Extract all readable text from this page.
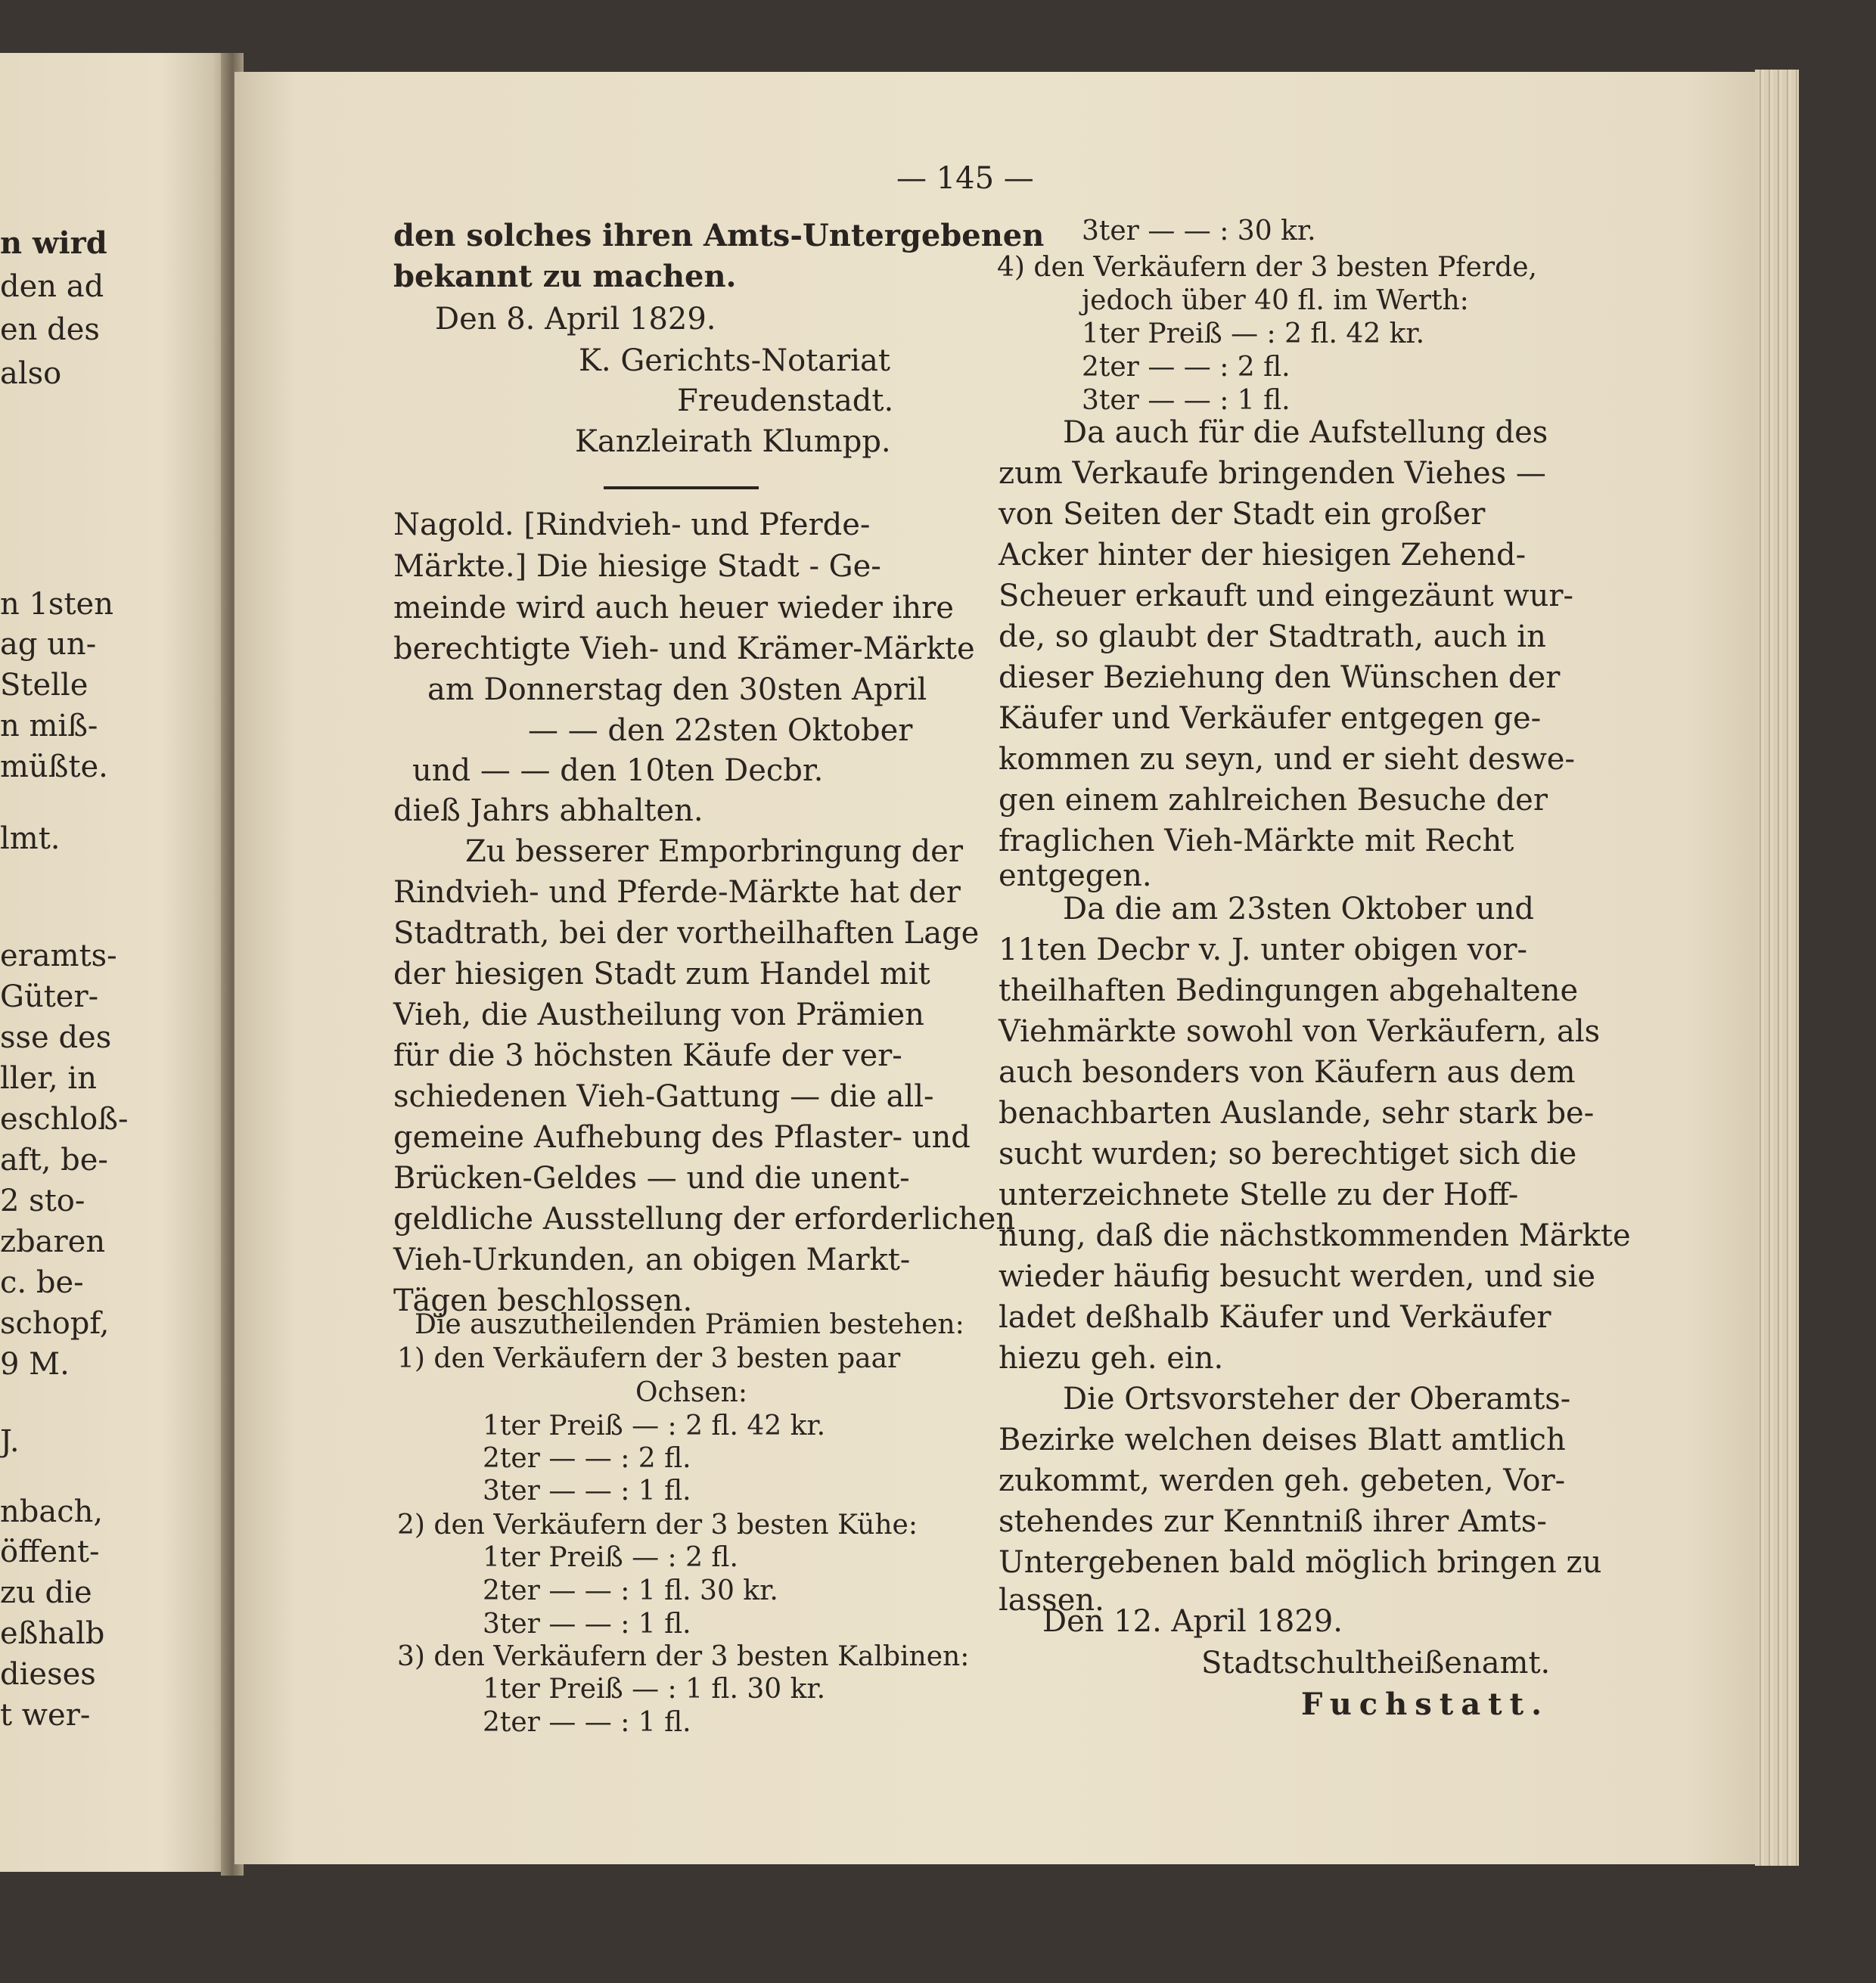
n wird
den ad
en des
also
n 1sten
ag un-
Stelle
n miß-
müßte.
lmt.
eramts-
Güter-
sse des
ller, in
eschloß-
aft, be-
2 sto-
zbaren
c. be-
schopf,
9 M.
J.
nbach,
öffent-
zu die
eßhalb
dieses
t wer-
— 145 —
den solches ihren Amts-Untergebenen
bekannt zu machen.
Den 8. April 1829.
K. Gerichts-Notariat
Freudenstadt.
Kanzleirath Klumpp.
Nagold. [Rindvieh- und Pferde-
Märkte.] Die hiesige Stadt - Ge-
meinde wird auch heuer wieder ihre
berechtigte Vieh- und Krämer-Märkte
am Donnerstag den 30sten April
— — den 22sten Oktober
und — — den 10ten Decbr.
dieß Jahrs abhalten.
Zu besserer Emporbringung der
Rindvieh- und Pferde-Märkte hat der
Stadtrath, bei der vortheilhaften Lage
der hiesigen Stadt zum Handel mit
Vieh, die Austheilung von Prämien
für die 3 höchsten Käufe der ver-
schiedenen Vieh-Gattung — die all-
gemeine Aufhebung des Pflaster- und
Brücken-Geldes — und die unent-
geldliche Ausstellung der erforderlichen
Vieh-Urkunden, an obigen Markt-
Tägen beschlossen.
Die auszutheilenden Prämien bestehen:
1) den Verkäufern der 3 besten paar
Ochsen:
1ter Preiß — : 2 fl. 42 kr.
2ter — — : 2 fl.
3ter — — : 1 fl.
2) den Verkäufern der 3 besten Kühe:
1ter Preiß — : 2 fl.
2ter — — : 1 fl. 30 kr.
3ter — — : 1 fl.
3) den Verkäufern der 3 besten Kalbinen:
1ter Preiß — : 1 fl. 30 kr.
2ter — — : 1 fl.
3ter — — : 30 kr.
4) den Verkäufern der 3 besten Pferde,
jedoch über 40 fl. im Werth:
1ter Preiß — : 2 fl. 42 kr.
2ter — — : 2 fl.
3ter — — : 1 fl.
Da auch für die Aufstellung des
zum Verkaufe bringenden Viehes —
von Seiten der Stadt ein großer
Acker hinter der hiesigen Zehend-
Scheuer erkauft und eingezäunt wur-
de, so glaubt der Stadtrath, auch in
dieser Beziehung den Wünschen der
Käufer und Verkäufer entgegen ge-
kommen zu seyn, und er sieht deswe-
gen einem zahlreichen Besuche der
fraglichen Vieh-Märkte mit Recht
entgegen.
Da die am 23sten Oktober und
11ten Decbr v. J. unter obigen vor-
theilhaften Bedingungen abgehaltene
Viehmärkte sowohl von Verkäufern, als
auch besonders von Käufern aus dem
benachbarten Auslande, sehr stark be-
sucht wurden; so berechtiget sich die
unterzeichnete Stelle zu der Hoff-
nung, daß die nächstkommenden Märkte
wieder häufig besucht werden, und sie
ladet deßhalb Käufer und Verkäufer
hiezu geh. ein.
Die Ortsvorsteher der Oberamts-
Bezirke welchen deises Blatt amtlich
zukommt, werden geh. gebeten, Vor-
stehendes zur Kenntniß ihrer Amts-
Untergebenen bald möglich bringen zu
lassen.
Den 12. April 1829.
Stadtschultheißenamt.
Fuchstatt.
